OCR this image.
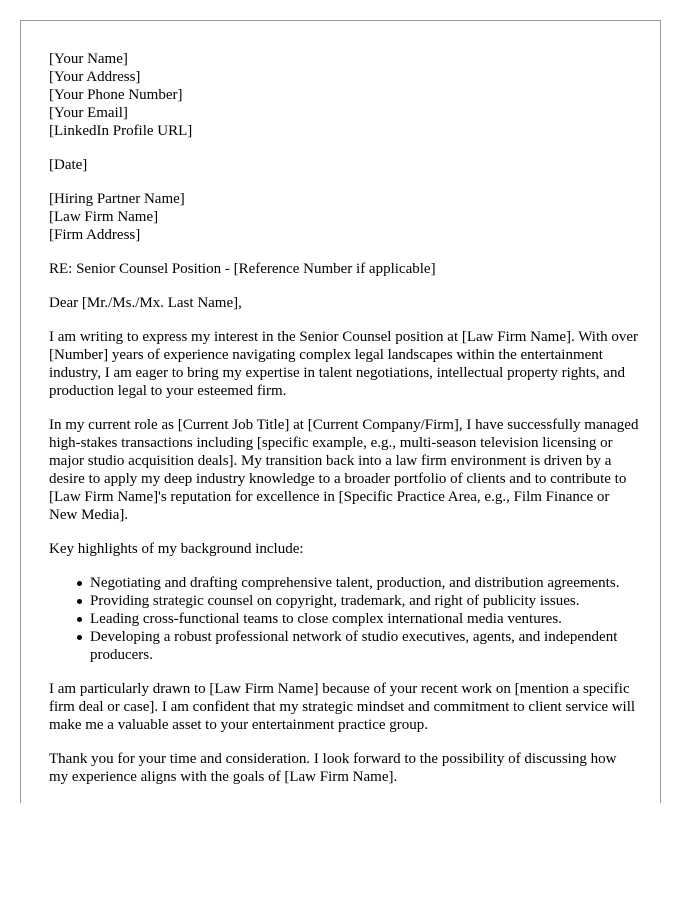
[Your Name]
[Your Address]
[Your Phone Number]
[Your Email]
[LinkedIn Profile URL]

[Date]

[Hiring Partner Name]
[Law Firm Name]
[Firm Address]

RE: Senior Counsel Position - [Reference Number if applicable]

Dear [Mr./Ms./Mx. Last Name],

I am writing to express my interest in the Senior Counsel position at [Law Firm Name]. With over [Number] years of experience navigating complex legal landscapes within the entertainment industry, I am eager to bring my expertise in talent negotiations, intellectual property rights, and production legal to your esteemed firm.

In my current role as [Current Job Title] at [Current Company/Firm], I have successfully managed high-stakes transactions including [specific example, e.g., multi-season television licensing or major studio acquisition deals]. My transition back into a law firm environment is driven by a desire to apply my deep industry knowledge to a broader portfolio of clients and to contribute to [Law Firm Name]'s reputation for excellence in [Specific Practice Area, e.g., Film Finance or New Media].

Key highlights of my background include:

Negotiating and drafting comprehensive talent, production, and distribution agreements.
Providing strategic counsel on copyright, trademark, and right of publicity issues.
Leading cross-functional teams to close complex international media ventures.
Developing a robust professional network of studio executives, agents, and independent producers.

I am particularly drawn to [Law Firm Name] because of your recent work on [mention a specific firm deal or case]. I am confident that my strategic mindset and commitment to client service will make me a valuable asset to your entertainment practice group.

Thank you for your time and consideration. I look forward to the possibility of discussing how my experience aligns with the goals of [Law Firm Name].
